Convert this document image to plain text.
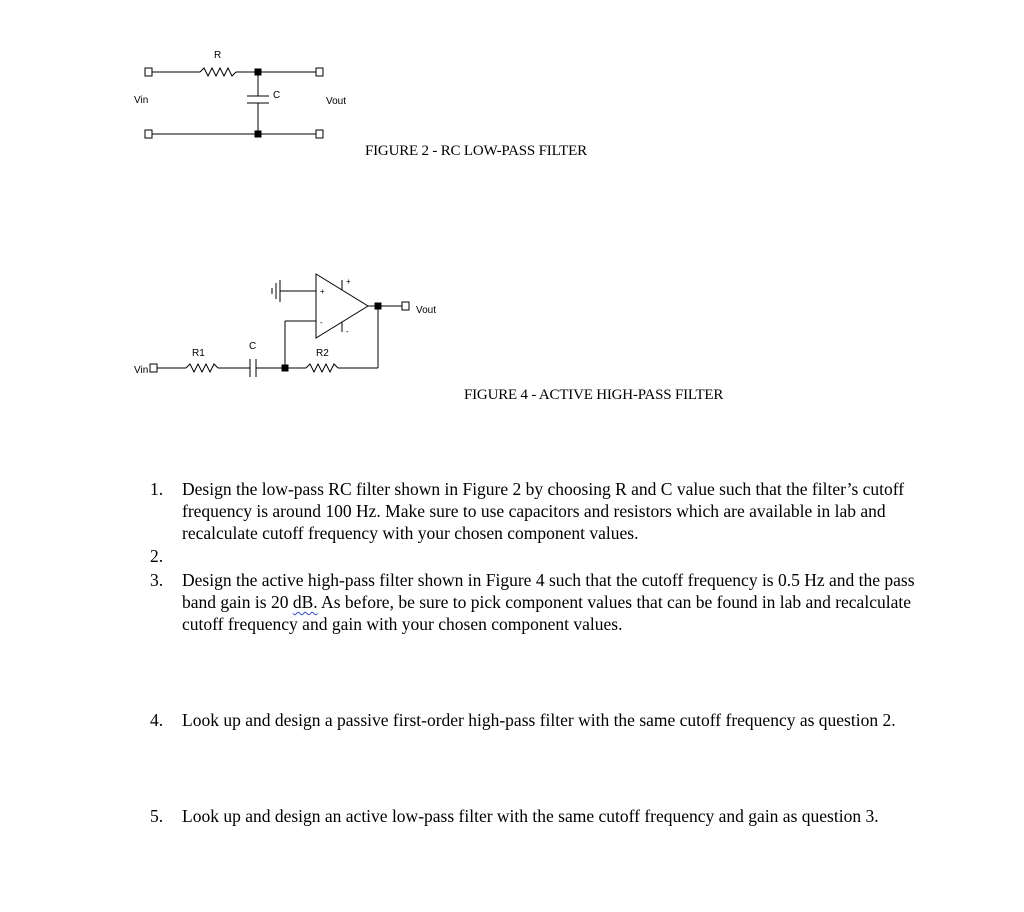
R
C
Vin	Vout
+
-
+
-
R1
C
R2
Vin
Vout
FIGURE 2 - RC LOW-PASS FILTER
FIGURE 4 - ACTIVE HIGH-PASS FILTER
1.	Design the low-pass RC filter shown in Figure 2 by choosing R and C value such that the filter’s cutoff frequency is around 100 Hz. Make sure to use capacitors and resistors which are available in lab and recalculate cutoff frequency with your chosen component values.
2.
3.	Design the active high-pass filter shown in Figure 4 such that the cutoff frequency is 0.5 Hz and the pass band gain is 20 dB. As before, be sure to pick component values that can be found in lab and recalculate cutoff frequency and gain with your chosen component values.
4.	Look up and design a passive first-order high-pass filter with the same cutoff frequency as question 2.
5.	Look up and design an active low-pass filter with the same cutoff frequency and gain as question 3.
